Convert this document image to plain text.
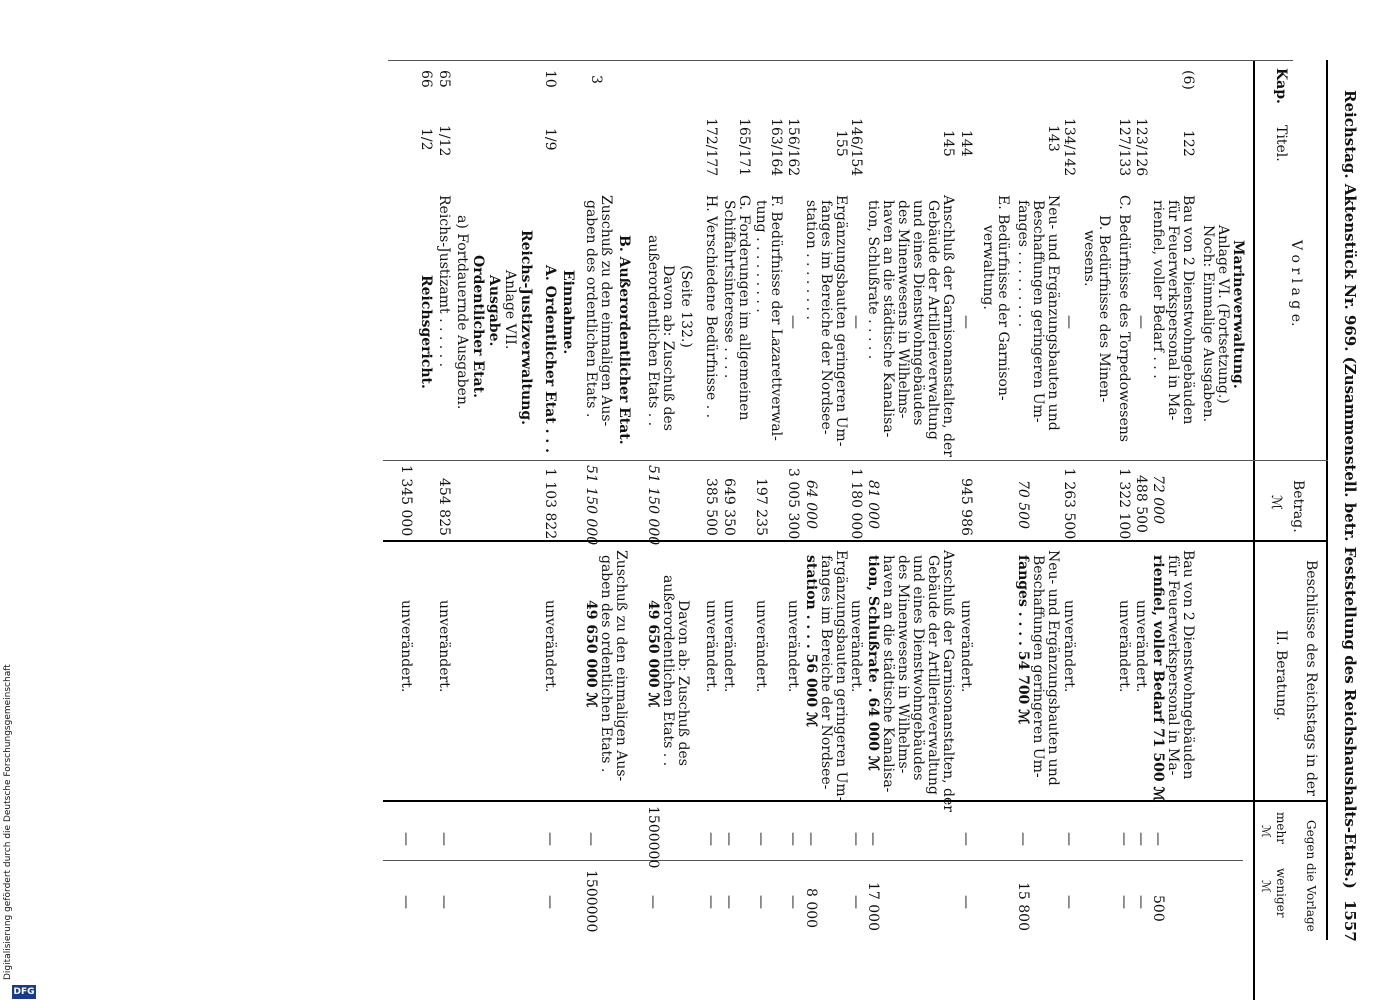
Reichstag. Aktenstück Nr. 969. (Zusammenstell. betr. Feststellung des Reichshaushalts-Etats.)
1557
Kap.
Titel.
V o r l a g e.
Betrag.
ℳ
Beschlüsse des Reichstags in der
II. Beratung.
Gegen die Vorlage
mehr
weniger
ℳ
ℳ
Marineverwaltung.
Anlage VI. (Fortsetzung.)
Noch: Einmalige Ausgaben.
(6)
122
Bau von 2 Dienstwohngebäuden
für Feuerwerkspersonal in Ma-
rienfiel, voller Bedarf . . .
72 000
Bau von 2 Dienstwohngebäuden
für Feuerwerkspersonal in Ma-
rienfiel, voller Bedarf 71 500 ℳ
500
—
123/126
—
488 500
unverändert.
—
—
127/133
C. Bedürfnisse des Torpedowesens
1 322 100
unverändert.
—
—
D. Bedürfnisse des Minen-
wesens.
134/142
—
1 263 500
unverändert.
—
—
143
Neu- und Ergänzungsbauten und
Beschaffungen geringeren Um-
fanges . . . . . . . . .
70 500
Neu- und Ergänzungsbauten und
Beschaffungen geringeren Um-
fanges . . . . 54 700 ℳ
—
15 800
E. Bedürfnisse der Garnison-
verwaltung.
144
—
945 986
unverändert.
—
—
145
Anschluß der Garnisonanstalten, der
Gebäude der Artillerieverwaltung
und eines Dienstwohngebäudes
des Minenwesens in Wilhelms-
haven an die städtische Kanalisa-
tion, Schlußrate . . . . .
81 000
Anschluß der Garnisonanstalten, der
Gebäude der Artillerieverwaltung
und eines Dienstwohngebäudes
des Minenwesens in Wilhelms-
haven an die städtische Kanalisa-
tion, Schlußrate . 64 000 ℳ
—
17 000
146/154
—
1 180 000
unverändert.
—
—
155
Ergänzungsbauten geringeren Um-
fanges im Bereiche der Nordsee-
station . . . . . . . .
64 000
Ergänzungsbauten geringeren Um-
fanges im Bereiche der Nordsee-
station . . . . 56 000 ℳ
—
8 000
156/162
—
3 005 300
unverändert.
—
—
163/164
F. Bedürfnisse der Lazarettverwal-
tung . . . . . . . . .
197 235
unverändert.
—
—
165/171
G. Forderungen im allgemeinen
Schiffahrtsinteresse . . . .
649 350
unverändert.
—
—
172/177
H. Verschiedene Bedürfnisse . .
385 500
unverändert.
—
—
(Seite 132.)
Davon ab: Zuschuß des
außerordentlichen Etats . .
51 150 000
Davon ab: Zuschuß des
außerordentlichen Etats . .
49 650 000 ℳ
1500000
—
3
B. Außerordentlicher Etat.
Zuschuß zu den einmaligen Aus-
gaben des ordentlichen Etats .
51 150 000
Zuschuß zu den einmaligen Aus-
gaben des ordentlichen Etats .
49 650 000 ℳ
—
1500000
Einnahme.
10
1/9
A. Ordentlicher Etat . . .
1 103 822
unverändert.
—
—
Reichs-Justizverwaltung.
Anlage VII.
Ausgabe.
Ordentlicher Etat.
a) Fortdauernde Ausgaben.
65
1/12
Reichs-Justizamt . . . . . .
454 825
unverändert.
—
—
66
1/2
Reichsgericht.
1 345 000
unverändert.
—
—
Digitalisierung gefördert durch die Deutsche Forschungsgemeinschaft
DFG
